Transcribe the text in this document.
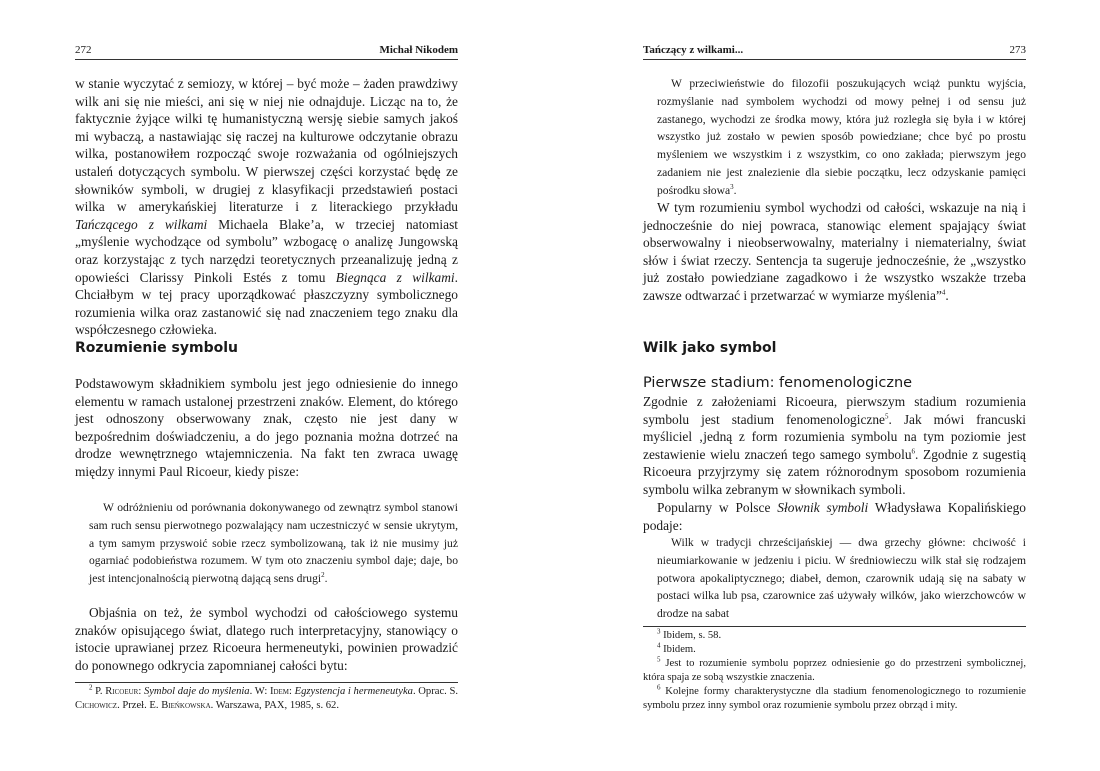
272	Michał Nikodem

w stanie wyczytać z semiozy, w której – być może – żaden prawdziwy wilk ani się nie mieści, ani się w niej nie odnajduje. Licząc na to, że faktycznie żyjące wilki tę humanistyczną wersję siebie samych jakoś mi wybaczą, a nastawiając się raczej na kulturowe odczytanie obrazu wilka, postanowiłem rozpocząć swoje rozważania od ogólniejszych ustaleń dotyczących symbolu. W pierwszej części korzystać będę ze słowników symboli, w drugiej z klasyfikacji przedstawień postaci wilka w amerykańskiej literaturze i z literackiego przykładu Tańczącego z wilkami Michaela Blake’a, w trzeciej natomiast „myślenie wychodzące od symbolu” wzbogacę o analizę Jungowską oraz korzystając z tych narzędzi teoretycznych przeanalizuję jedną z opowieści Clarissy Pinkoli Estés z tomu Biegnąca z wilkami. Chciałbym w tej pracy uporządkować płaszczyzny symbolicznego rozumienia wilka oraz zastanowić się nad znaczeniem tego znaku dla współczesnego człowieka.

Rozumienie symbolu

Podstawowym składnikiem symbolu jest jego odniesienie do innego elementu w ramach ustalonej przestrzeni znaków. Element, do którego jest odnoszony obserwowany znak, często nie jest dany w bezpośrednim doświadczeniu, a do jego poznania można dotrzeć na drodze wewnętrznego wtajemniczenia. Na fakt ten zwraca uwagę między innymi Paul Ricoeur, kiedy pisze:

W odróżnieniu od porównania dokonywanego od zewnątrz symbol stanowi sam ruch sensu pierwotnego pozwalający nam uczestniczyć w sensie ukrytym, a tym samym przyswoić sobie rzecz symbolizowaną, tak iż nie musimy już ogarniać podobieństwa rozumem. W tym oto znaczeniu symbol daje; daje, bo jest intencjonalnością pierwotną dającą sens drugi$^2$.

Objaśnia on też, że symbol wychodzi od całościowego systemu znaków opisującego świat, dlatego ruch interpretacyjny, stanowiący o istocie uprawianej przez Ricoeura hermeneutyki, powinien prowadzić do ponownego odkrycia zapomnianej całości bytu:

$^2$ P. Ricoeur: Symbol daje do myślenia. W: Idem: Egzystencja i hermeneutyka. Oprac. S. Cichowicz. Przeł. E. Bieńkowska. Warszawa, PAX, 1985, s. 62.

Tańczący z wilkami...	273

W przeciwieństwie do filozofii poszukujących wciąż punktu wyjścia, rozmyślanie nad symbolem wychodzi od mowy pełnej i od sensu już zastanego, wychodzi ze środka mowy, która już rozległa się była i w której wszystko już zostało w pewien sposób powiedziane; chce być po prostu myśleniem we wszystkim i z wszystkim, co ono zakłada; pierwszym jego zadaniem nie jest znalezienie dla siebie początku, lecz odzyskanie pamięci pośrodku słowa$^3$.

W tym rozumieniu symbol wychodzi od całości, wskazuje na nią i jednocześnie do niej powraca, stanowiąc element spajający świat obserwowalny i nieobserwowalny, materialny i niematerialny, świat słów i świat rzeczy. Sentencja ta sugeruje jednocześnie, że „wszystko już zostało powiedziane zagadkowo i że wszystko wszakże trzeba zawsze odtwarzać i przetwarzać w wymiarze myślenia”$^4$.

Wilk jako symbol
Pierwsze stadium: fenomenologiczne

Zgodnie z założeniami Ricoeura, pierwszym stadium rozumienia symbolu jest stadium fenomenologiczne$^5$. Jak mówi francuski myśliciel ‚jedną z form rozumienia symbolu na tym poziomie jest zestawienie wielu znaczeń tego samego symbolu$^6$. Zgodnie z sugestią Ricoeura przyjrzymy się zatem różnorodnym sposobom rozumienia symbolu wilka zebranym w słownikach symboli.

Popularny w Polsce Słownik symboli Władysława Kopalińskiego podaje:

Wilk w tradycji chrześcijańskiej — dwa grzechy główne: chciwość i nieumiarkowanie w jedzeniu i piciu. W średniowieczu wilk stał się rodzajem potwora apokaliptycznego; diabeł, demon, czarownik udają się na sabaty w postaci wilka lub psa, czarownice zaś używały wilków, jako wierzchowców w drodze na sabat

$^3$ Ibidem, s. 58.

$^4$ Ibidem.

$^5$ Jest to rozumienie symbolu poprzez odniesienie go do przestrzeni symbolicznej, która spaja ze sobą wszystkie znaczenia.

$^6$ Kolejne formy charakterystyczne dla stadium fenomenologicznego to rozumienie symbolu przez inny symbol oraz rozumienie symbolu przez obrząd i mity.
